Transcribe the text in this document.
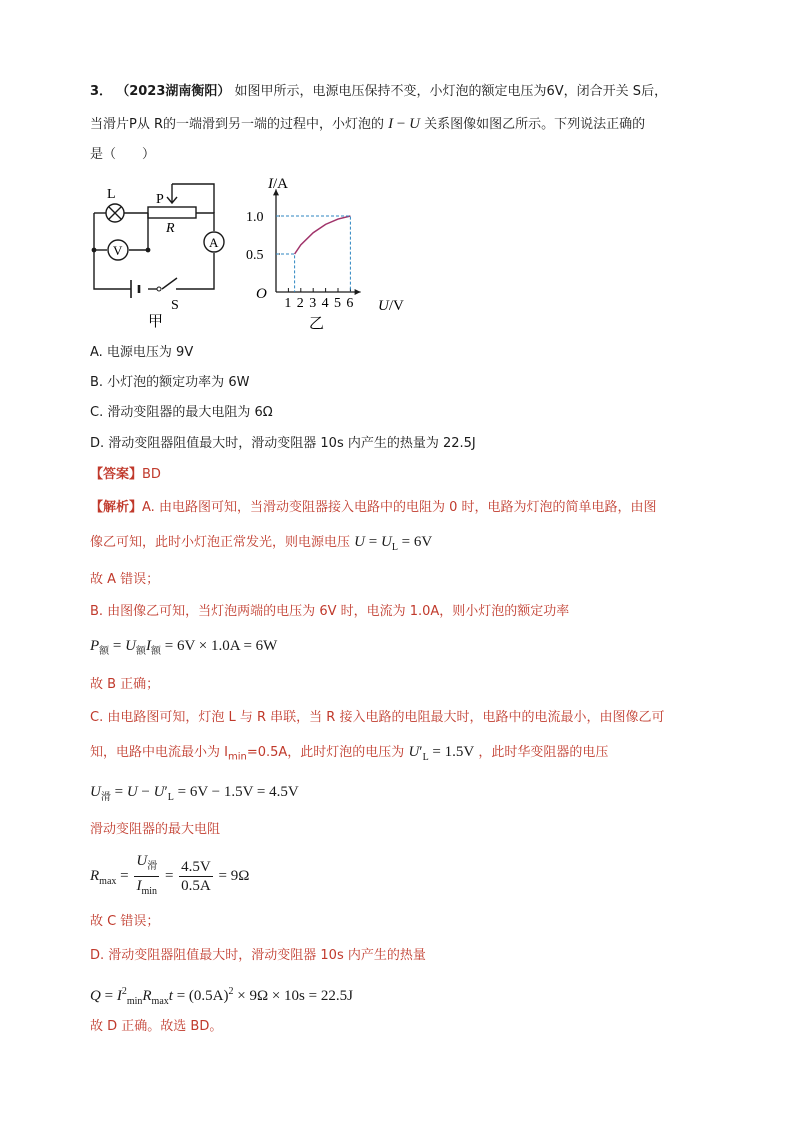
3． （2023湖南衡阳） 如图甲所示，电源电压保持不变，小灯泡的额定电压为6V，闭合开关 S后，
当滑片P从 R的一端滑到另一端的过程中，小灯泡的 I − U 关系图像如图乙所示。下列说法正确的
是（　　）
L	P
R
V
A
S
甲
1 2 3 4 5 6
0.5
1.0
I/A
O
U/V
乙
A. 电源电压为 9V
B. 小灯泡的额定功率为 6W
C. 滑动变阻器的最大电阻为 6Ω
D. 滑动变阻器阻值最大时，滑动变阻器 10s 内产生的热量为 22.5J
【答案】BD
【解析】A. 由电路图可知，当滑动变阻器接入电路中的电阻为 0 时，电路为灯泡的简单电路，由图
像乙可知，此时小灯泡正常发光，则电源电压 $U = U_L = 6V$
故 A 错误；
B. 由图像乙可知，当灯泡两端的电压为 6V 时，电流为 1.0A，则小灯泡的额定功率
$P_额 = U_额I_额 = 6V \times 1.0A = 6W$
故 B 正确；
C. 由电路图可知，灯泡 L 与 R 串联，当 R 接入电路的电阻最大时，电路中的电流最小，由图像乙可
知，电路中电流最小为 $I_{min}=0.5A$，此时灯泡的电压为 $U'_L = 1.5V$ ，此时华变阻器的电压
$U_滑 = U - U'_L = 6V - 1.5V = 4.5V$
滑动变阻器的最大电阻
$R_{max} = \frac{U_滑}{I_{min}} = \frac{4.5V}{0.5A} = 9\Omega$
故 C 错误；
D. 滑动变阻器阻值最大时，滑动变阻器 10s 内产生的热量
$Q = I^2_{min}R_{max}t = (0.5A)^2 \times 9\Omega \times 10s = 22.5J$
故 D 正确。故选 BD。
